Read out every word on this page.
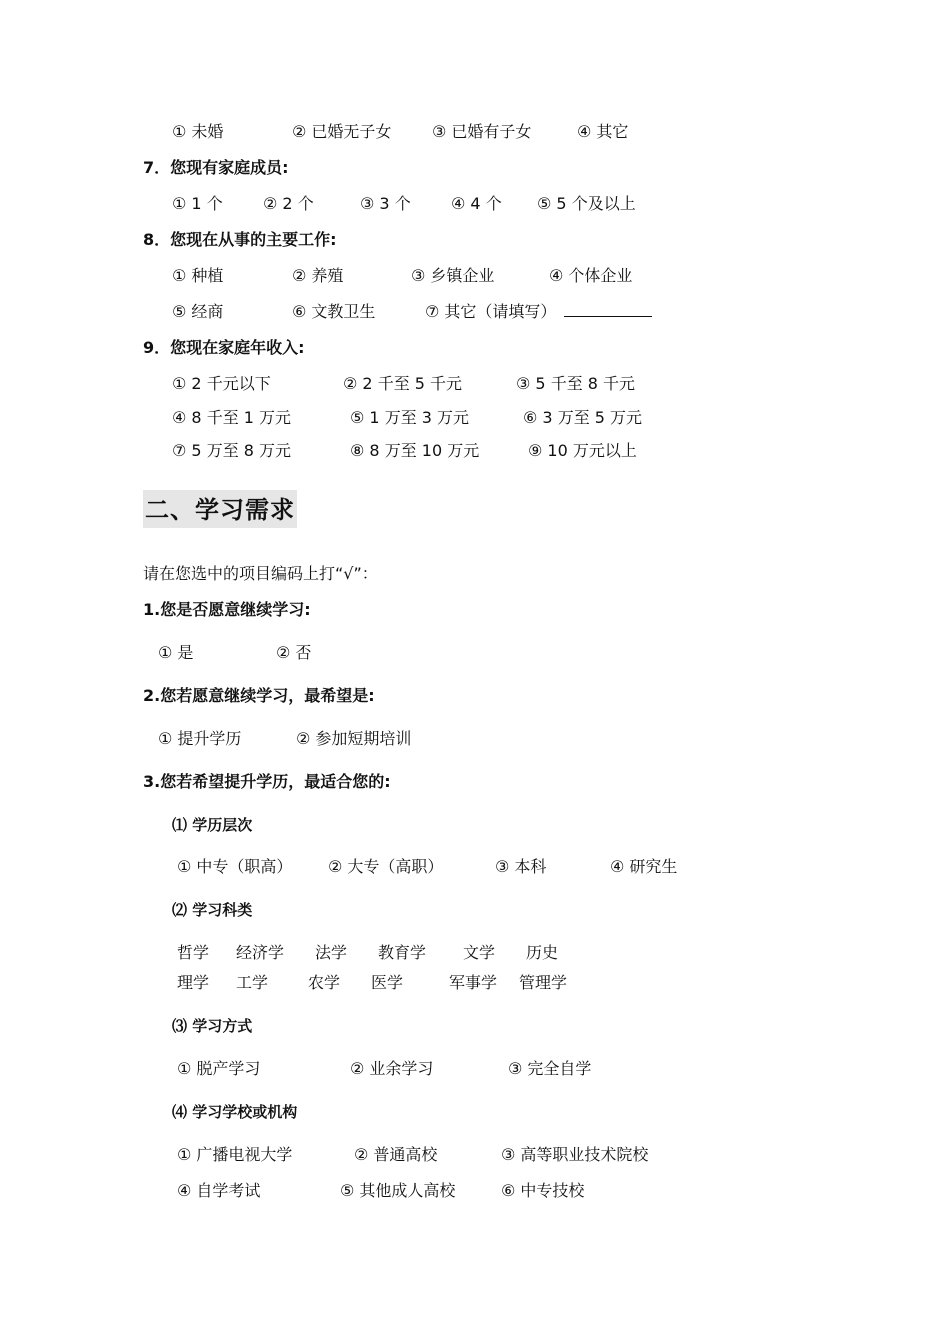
① 未婚	② 已婚无子女	③ 已婚有子女	④ 其它
7．您现有家庭成员:
① 1 个	② 2 个	③ 3 个	④ 4 个 ⑤ 5 个及以上
8．您现在从事的主要工作:
① 种植	② 养殖	③ 乡镇企业	④ 个体企业
⑤ 经商	⑥ 文教卫生	⑦ 其它（请填写）
9．您现在家庭年收入:
① 2 千元以下	② 2 千至 5 千元	③ 5 千至 8 千元
④ 8 千至 1 万元	⑤ 1 万至 3 万元	⑥ 3 万至 5 万元
⑦ 5 万至 8 万元	⑧ 8 万至 10 万元	⑨ 10 万元以上
二、学习需求
请在您选中的项目编码上打“√”：
1.您是否愿意继续学习:
① 是	② 否
2.您若愿意继续学习，最希望是:
① 提升学历	② 参加短期培训
3.您若希望提升学历，最适合您的:
⑴ 学历层次
① 中专（职高） ② 大专（高职）	③ 本科	④ 研究生
⑵ 学习科类
哲学 经济学 法学 教育学 文学 历史
理学 工学 农学 医学	军事学 管理学
⑶ 学习方式
① 脱产学习	② 业余学习	③ 完全自学
⑷ 学习学校或机构
① 广播电视大学	② 普通高校	③ 高等职业技术院校
④ 自学考试	⑤ 其他成人高校	⑥ 中专技校
